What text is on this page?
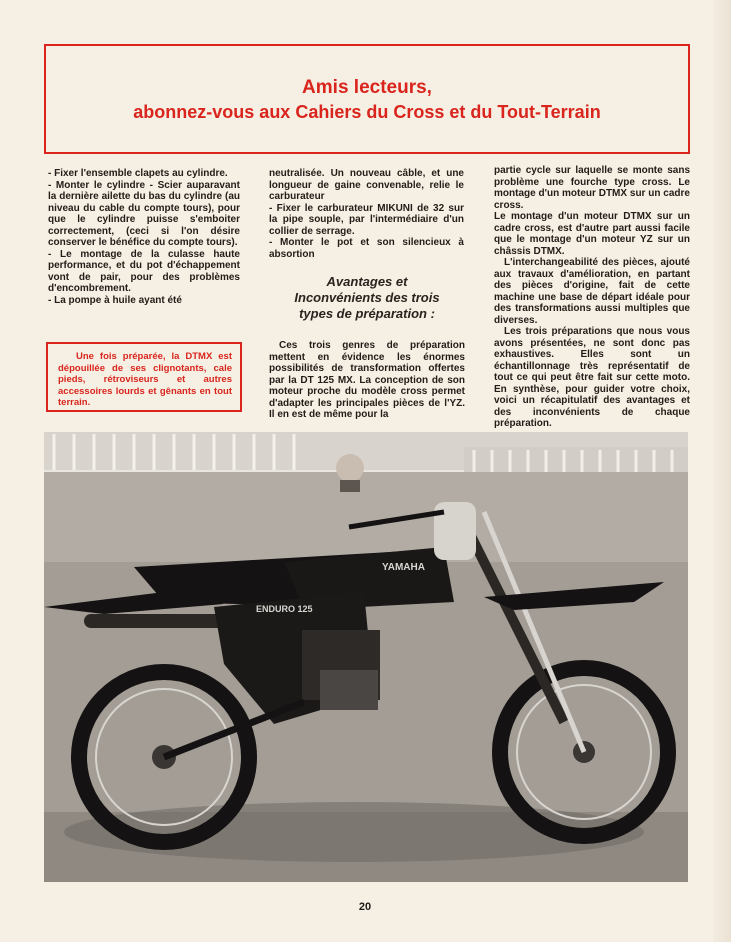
Amis lecteurs,
abonnez-vous aux Cahiers du Cross et du Tout-Terrain

- Fixer l'ensemble clapets au cylindre.

- Monter le cylindre - Scier auparavant la dernière ailette du bas du cylindre (au niveau du cable du compte tours), pour que le cylindre puisse s'emboiter correctement, (ceci si l'on désire conserver le bénéfice du compte tours).

- Le montage de la culasse haute performance, et du pot d'échappement vont de pair, pour des problèmes d'encombrement.

- La pompe à huile ayant été

Une fois préparée, la DTMX est dépouillée de ses clignotants, cale pieds, rétroviseurs et autres accessoires lourds et gênants en tout terrain.

neutralisée. Un nouveau câble, et une longueur de gaine convenable, relie le carburateur

- Fixer le carburateur MIKUNI de 32 sur la pipe souple, par l'intermédiaire d'un collier de serrage.

- Monter le pot et son silencieux à absortion

Avantages et
Inconvénients des trois
types de préparation :

Ces trois genres de préparation mettent en évidence les énormes possibilités de transformation offertes par la DT 125 MX. La conception de son moteur proche du modèle cross permet d'adapter les principales pièces de l'YZ. Il en est de même pour la

partie cycle sur laquelle se monte sans problème une fourche type cross. Le montage d'un moteur DTMX sur un cadre cross.

Le montage d'un moteur DTMX sur un cadre cross, est d'autre part aussi facile que le montage d'un moteur YZ sur un châssis DTMX.

L'interchangeabilité des pièces, ajouté aux travaux d'amélioration, en partant des pièces d'origine, fait de cette machine une base de départ idéale pour des transformations aussi multiples que diverses.

Les trois préparations que nous vous avons présentées, ne sont donc pas exhaustives. Elles sont un échantillonnage très représentatif de tout ce qui peut être fait sur cette moto. En synthèse, pour guider votre choix, voici un récapitulatif des avantages et des inconvénients de chaque préparation.

YAMAHA
ENDURO 125
20
